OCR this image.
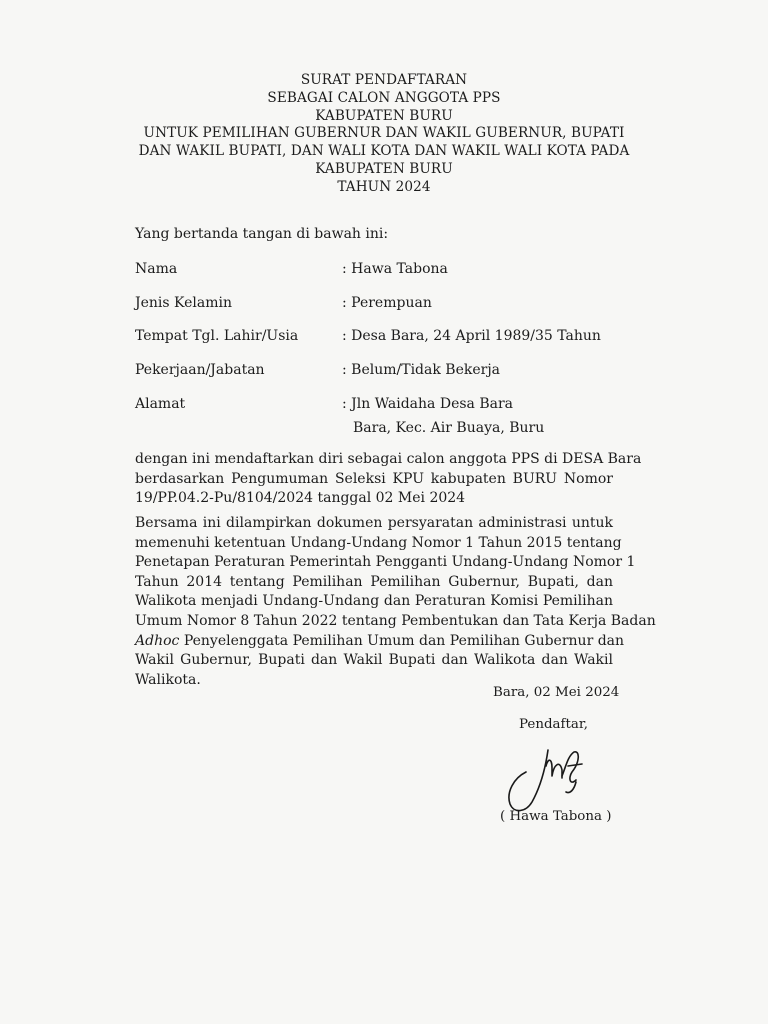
SURAT PENDAFTARAN
SEBAGAI CALON ANGGOTA PPS
KABUPATEN BURU
UNTUK PEMILIHAN GUBERNUR DAN WAKIL GUBERNUR, BUPATI
DAN WAKIL BUPATI, DAN WALI KOTA DAN WAKIL WALI KOTA PADA
KABUPATEN BURU
TAHUN 2024
Yang bertanda tangan di bawah ini:
Nama	: Hawa Tabona
Jenis Kelamin	: Perempuan
Tempat Tgl. Lahir/Usia	: Desa Bara, 24 April 1989/35 Tahun
Pekerjaan/Jabatan	: Belum/Tidak Bekerja
Alamat	: Jln Waidaha Desa Bara
Bara, Kec. Air Buaya, Buru
dengan ini mendaftarkan diri sebagai calon anggota PPS di DESA Bara
berdasarkan Pengumuman Seleksi KPU kabupaten BURU Nomor
19/PP.04.2-Pu/8104/2024 tanggal 02 Mei 2024
Bersama ini dilampirkan dokumen persyaratan administrasi untuk
memenuhi ketentuan Undang-Undang Nomor 1 Tahun 2015 tentang
Penetapan Peraturan Pemerintah Pengganti Undang-Undang Nomor 1
Tahun 2014 tentang Pemilihan Pemilihan Gubernur, Bupati, dan
Walikota menjadi Undang-Undang dan Peraturan Komisi Pemilihan
Umum Nomor 8 Tahun 2022 tentang Pembentukan dan Tata Kerja Badan
Adhoc Penyelenggata Pemilihan Umum dan Pemilihan Gubernur dan
Wakil Gubernur, Bupati dan Wakil Bupati dan Walikota dan Wakil
Walikota.
Bara, 02 Mei 2024
Pendaftar,
( Hawa Tabona )
